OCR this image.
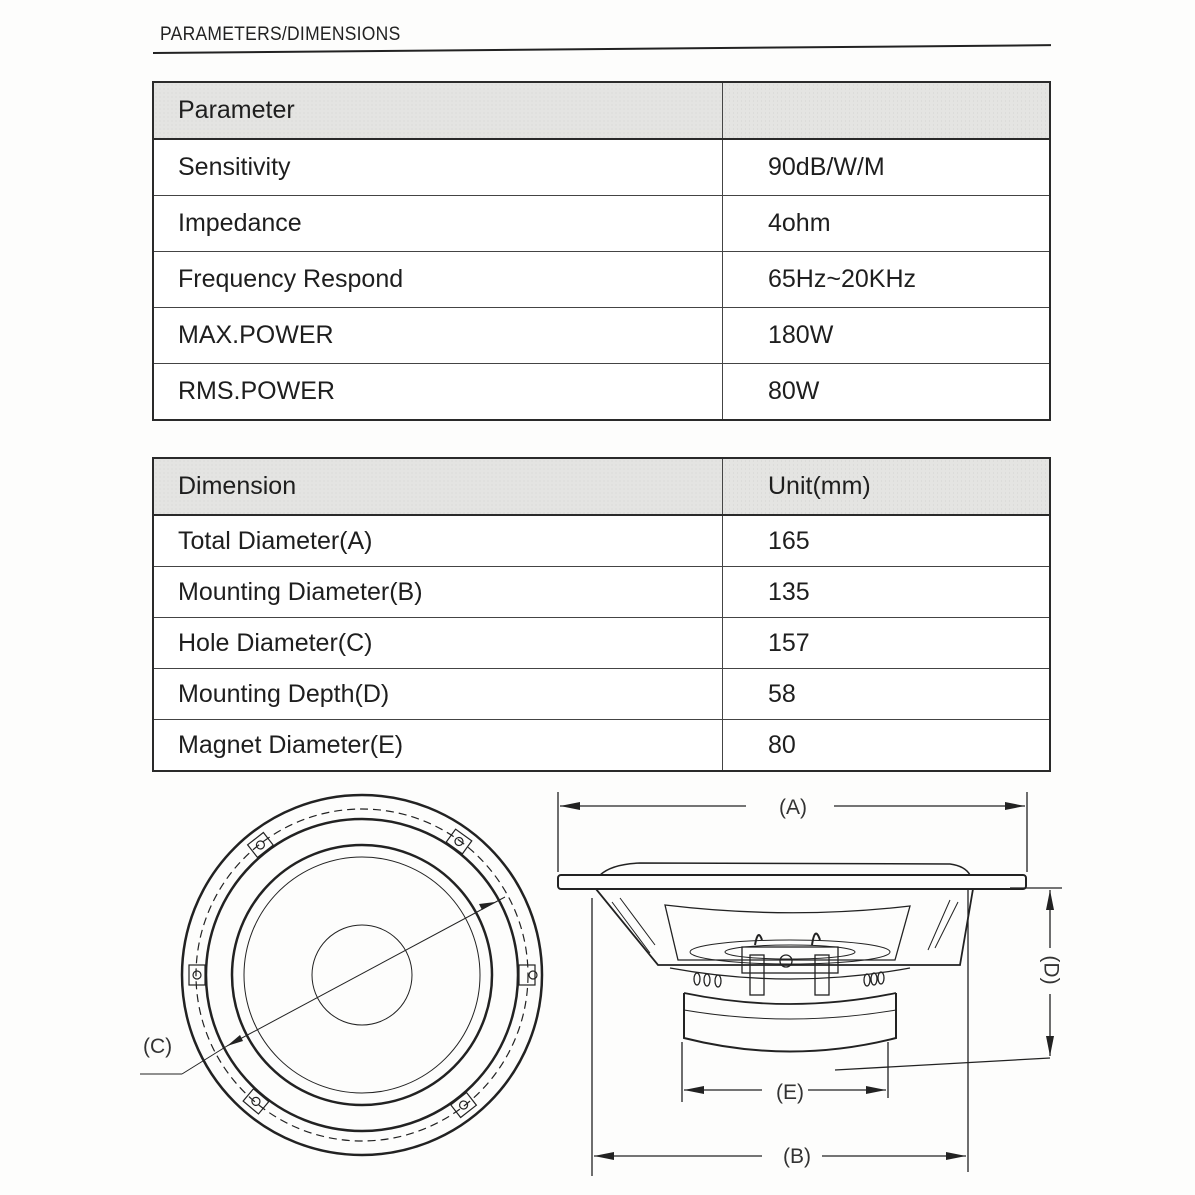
PARAMETERS/DIMENSIONS
Parameter	
Sensitivity	90dB/W/M
Impedance	4ohm
Frequency Respond	65Hz~20KHz
MAX.POWER	180W
RMS.POWER	80W
Dimension	Unit(mm)
Total Diameter(A)	165
Mounting Diameter(B)	135
Hole Diameter(C)	157
Mounting Depth(D)	58
Magnet Diameter(E)	80
(C)
(A)
(B)
(E)
(D)
